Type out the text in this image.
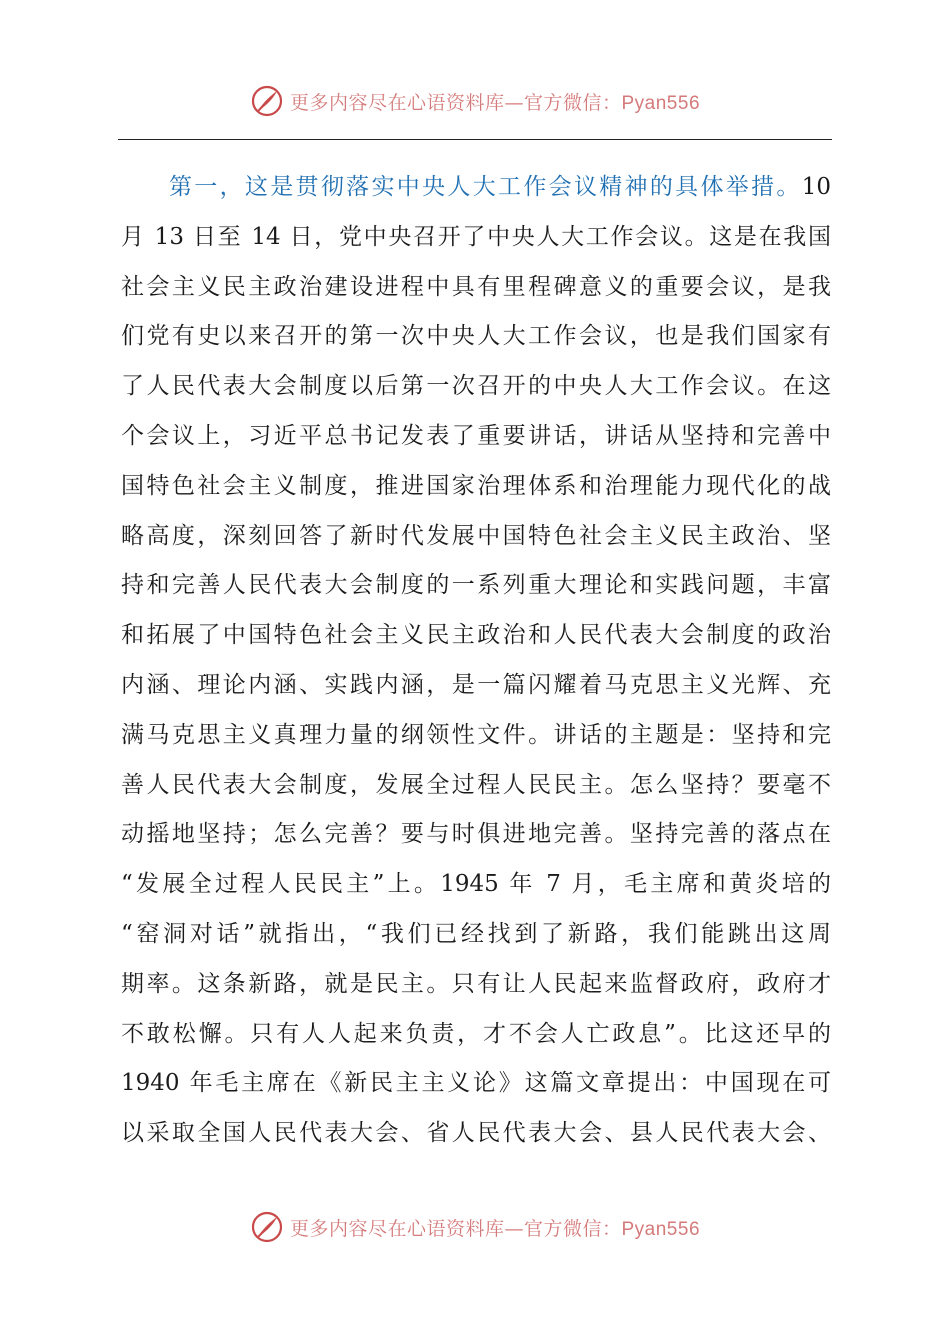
更多内容尽在心语资料库—官方微信：Pyan556
第一，这是贯彻落实中央人大工作会议精神的具体举措。10
月 13 日至 14 日，党中央召开了中央人大工作会议。这是在我国
社会主义民主政治建设进程中具有里程碑意义的重要会议，是我
们党有史以来召开的第一次中央人大工作会议，也是我们国家有
了人民代表大会制度以后第一次召开的中央人大工作会议。在这
个会议上，习近平总书记发表了重要讲话，讲话从坚持和完善中
国特色社会主义制度，推进国家治理体系和治理能力现代化的战
略高度，深刻回答了新时代发展中国特色社会主义民主政治、坚
持和完善人民代表大会制度的一系列重大理论和实践问题，丰富
和拓展了中国特色社会主义民主政治和人民代表大会制度的政治
内涵、理论内涵、实践内涵，是一篇闪耀着马克思主义光辉、充
满马克思主义真理力量的纲领性文件。讲话的主题是：坚持和完
善人民代表大会制度，发展全过程人民民主。怎么坚持？要毫不
动摇地坚持；怎么完善？要与时俱进地完善。坚持完善的落点在
“发展全过程人民民主”上。1945 年 7 月，毛主席和黄炎培的
“窑洞对话”就指出，“我们已经找到了新路，我们能跳出这周
期率。这条新路，就是民主。只有让人民起来监督政府，政府才
不敢松懈。只有人人起来负责，才不会人亡政息”。比这还早的
1940 年毛主席在《新民主主义论》这篇文章提出：中国现在可
以采取全国人民代表大会、省人民代表大会、县人民代表大会、
更多内容尽在心语资料库—官方微信：Pyan556
